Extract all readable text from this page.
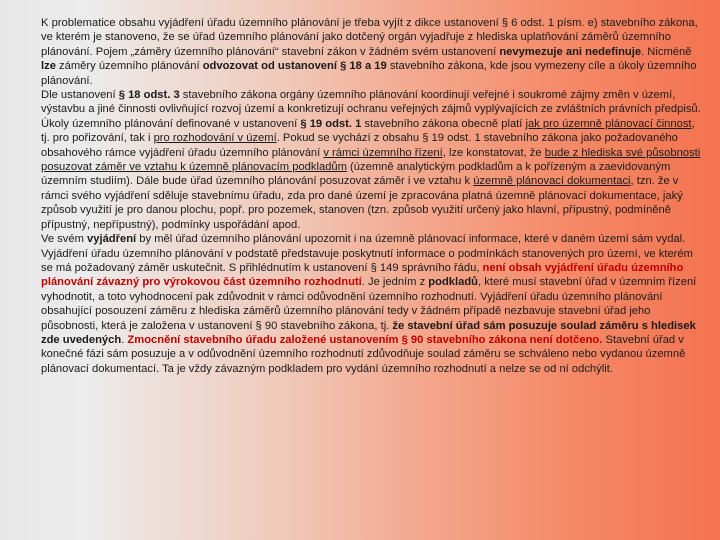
K problematice obsahu vyjádření úřadu územního plánování je třeba vyjít z dikce ustanovení § 6 odst. 1 písm. e) stavebního zákona, ve kterém je stanoveno, že se úřad územního plánování jako dotčený orgán vyjadřuje z hlediska uplatňování záměrů územního plánování. Pojem „záměry územního plánování“ stavební zákon v žádném svém ustanovení nevymezuje ani nedefinuje. Nicméně lze záměry územního plánování odvozovat od ustanovení § 18 a 19 stavebního zákona, kde jsou vymezeny cíle a úkoly územního plánování.

Dle ustanovení § 18 odst. 3 stavebního zákona orgány územního plánování koordinují veřejné i soukromé zájmy změn v území, výstavbu a jiné činnosti ovlivňující rozvoj území a konkretizují ochranu veřejných zájmů vyplývajících ze zvláštních právních předpisů.

Úkoly územního plánování definované v ustanovení § 19 odst. 1 stavebního zákona obecně platí jak pro územně plánovací činnost, tj. pro pořizování, tak i pro rozhodování v území. Pokud se vychází z obsahu § 19 odst. 1 stavebního zákona jako požadovaného obsahového rámce vyjádření úřadu územního plánování v rámci územního řízení, lze konstatovat, že bude z hlediska své působnosti posuzovat záměr ve vztahu k územně plánovacím podkladům (územně analytickým podkladům a k pořízeným a zaevidovaným územním studiím). Dále bude úřad územního plánování posuzovat záměr i ve vztahu k územně plánovací dokumentaci, tzn. že v rámci svého vyjádření sděluje stavebnímu úřadu, zda pro dané území je zpracována platná územně plánovací dokumentace, jaký způsob využití je pro danou plochu, popř. pro pozemek, stanoven (tzn. způsob využití určený jako hlavní, přípustný, podmíněně přípustný, nepřípustný), podmínky uspořádání apod.

Ve svém vyjádření by měl úřad územního plánování upozornit i na územně plánovací informace, které v daném území sám vydal. Vyjádření úřadu územního plánování v podstatě představuje poskytnutí informace o podmínkách stanovených pro území, ve kterém se má požadovaný záměr uskutečnit. S přihlédnutím k ustanovení § 149 správního řádu, není obsah vyjádření úřadu územního plánování závazný pro výrokovou část územního rozhodnutí. Je jedním z podkladů, které musí stavební úřad v územním řízení vyhodnotit, a toto vyhodnocení pak zdůvodnit v rámci odůvodnění územního rozhodnutí. Vyjádření úřadu územního plánování obsahující posouzení záměru z hlediska záměrů územního plánování tedy v žádném případě nezbavuje stavební úřad jeho působnosti, která je založena v ustanovení § 90 stavebního zákona, tj. že stavební úřad sám posuzuje soulad záměru s hledisek zde uvedených. Zmocnění stavebního úřadu založené ustanovením § 90 stavebního zákona není dotčeno. Stavební úřad v konečné fázi sám posuzuje a v odůvodnění územního rozhodnutí zdůvodňuje soulad záměru se schváleno nebo vydanou územně plánovací dokumentací. Ta je vždy závazným podkladem pro vydání územního rozhodnutí a nelze se od ní odchýlit.
